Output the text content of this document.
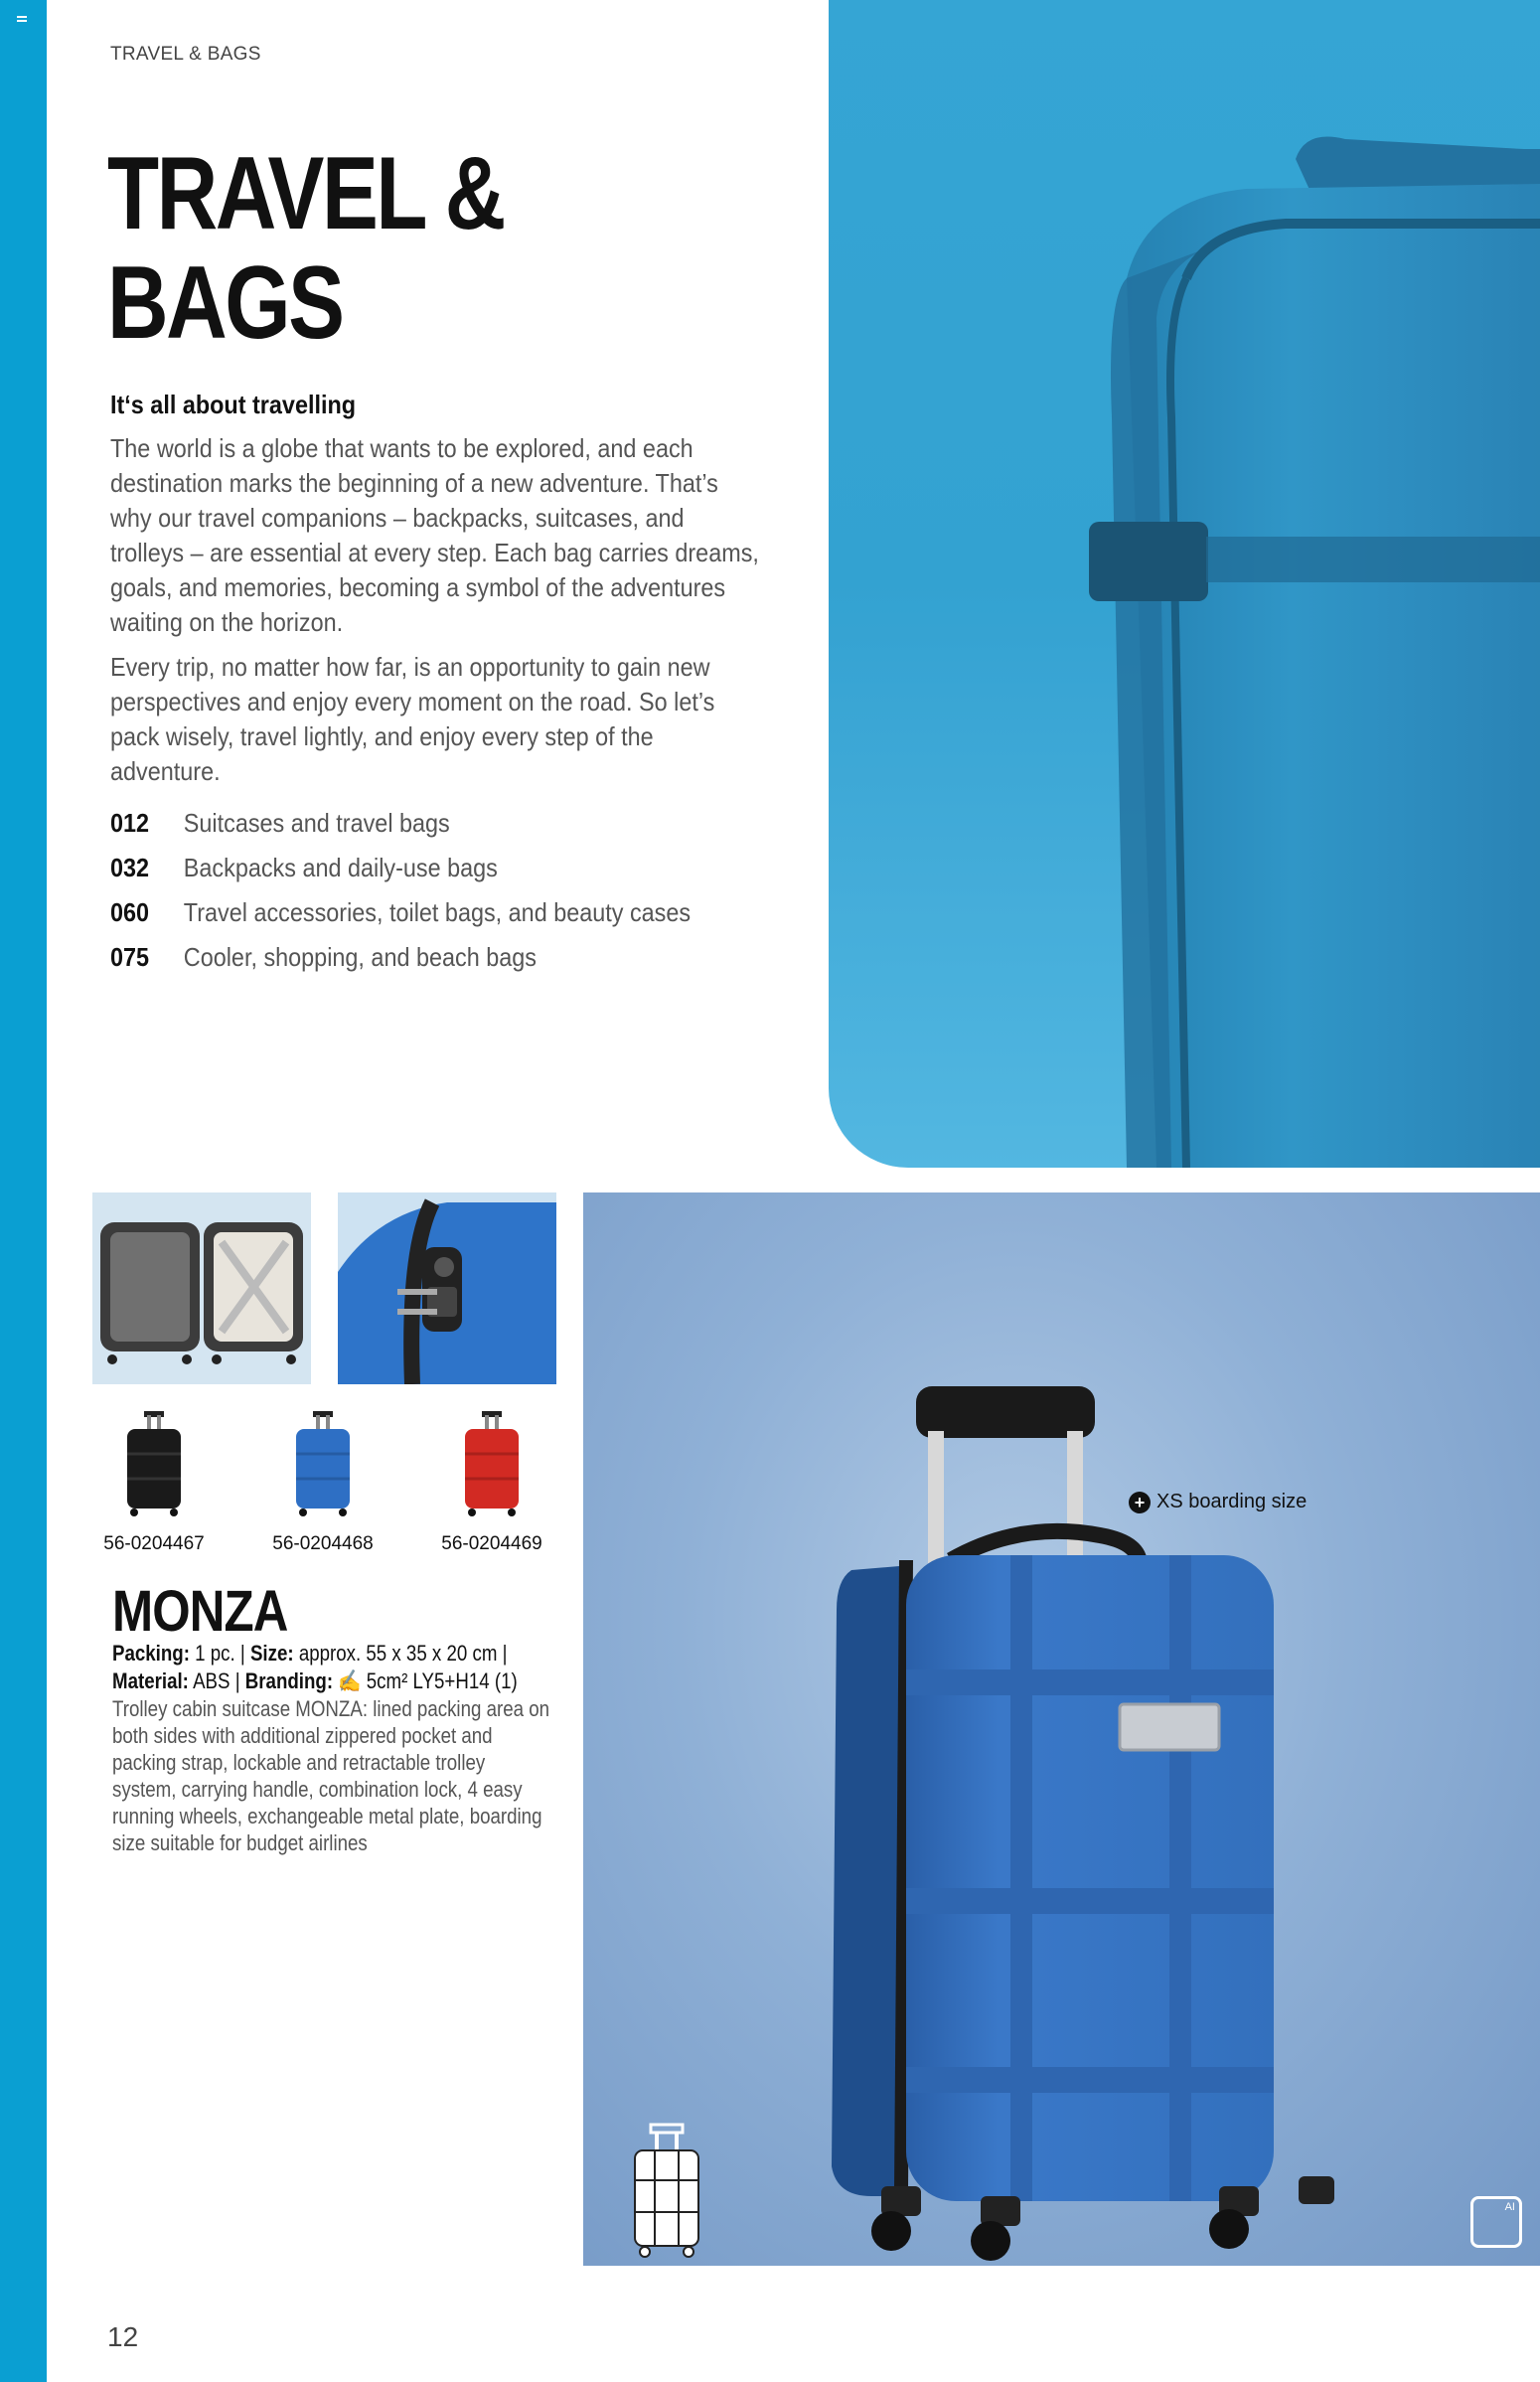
TRAVEL & BAGS
TRAVEL &
BAGS
It‘s all about travelling

The world is a globe that wants to be explored, and each destination marks the beginning of a new adventure. That’s why our travel companions – backpacks, suitcases, and trolleys – are essential at every step. Each bag carries dreams, goals, and memories, becoming a symbol of the adventures waiting on the horizon.

Every trip, no matter how far, is an opportunity to gain new perspectives and enjoy every moment on the road. So let’s pack wisely, travel lightly, and enjoy every step of the adventure.

012	Suitcases and travel bags
032	Backpacks and daily-use bags
060	Travel accessories, toilet bags, and beauty cases
075	Cooler, shopping, and beach bags
56-0204467	56-0204468	56-0204469
MONZA
Packing: 1 pc. | Size: approx. 55 x 35 x 20 cm |
Material: ABS | Branding: ✍ 5cm² LY5+H14 (1)
Trolley cabin suitcase MONZA: lined packing area on both sides with additional zippered pocket and packing strap, lockable and retractable trolley system, carrying handle, combination lock, 4 easy running wheels, exchangeable metal plate, boarding size suitable for budget airlines
AI
+ XS boarding size
12
